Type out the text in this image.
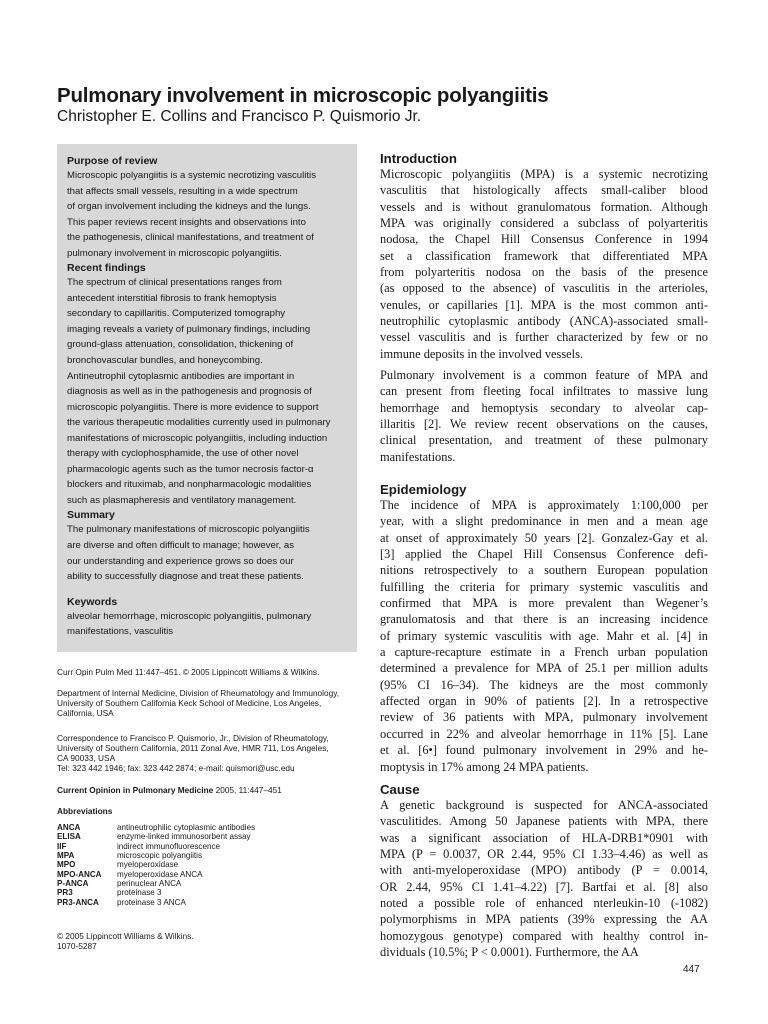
Pulmonary involvement in microscopic polyangiitis
Christopher E. Collins and Francisco P. Quismorio Jr.
Purpose of review
Microscopic polyangiitis is a systemic necrotizing vasculitis
that affects small vessels, resulting in a wide spectrum
of organ involvement including the kidneys and the lungs.
This paper reviews recent insights and observations into
the pathogenesis, clinical manifestations, and treatment of
pulmonary involvement in microscopic polyangiitis.
Recent findings
The spectrum of clinical presentations ranges from
antecedent interstitial fibrosis to frank hemoptysis
secondary to capillaritis. Computerized tomography
imaging reveals a variety of pulmonary findings, including
ground-glass attenuation, consolidation, thickening of
bronchovascular bundles, and honeycombing.
Antineutrophil cytoplasmic antibodies are important in
diagnosis as well as in the pathogenesis and prognosis of
microscopic polyangiitis. There is more evidence to support
the various therapeutic modalities currently used in pulmonary
manifestations of microscopic polyangiitis, including induction
therapy with cyclophosphamide, the use of other novel
pharmacologic agents such as the tumor necrosis factor-α
blockers and rituximab, and nonpharmacologic modalities
such as plasmapheresis and ventilatory management.
Summary
The pulmonary manifestations of microscopic polyangiitis
are diverse and often difficult to manage; however, as
our understanding and experience grows so does our
ability to successfully diagnose and treat these patients.
Keywords
alveolar hemorrhage, microscopic polyangiitis, pulmonary
manifestations, vasculitis
Curr Opin Pulm Med 11:447–451. © 2005 Lippincott Williams & Wilkins.
Department of Internal Medicine, Division of Rheumatology and Immunology,
University of Southern California Keck School of Medicine, Los Angeles,
California, USA
Correspondence to Francisco P. Quismorio, Jr., Division of Rheumatology,
University of Southern California, 2011 Zonal Ave, HMR 711, Los Angeles,
CA 90033, USA
Tel: 323 442 1946; fax: 323 442 2874; e-mail: quismori@usc.edu
Current Opinion in Pulmonary Medicine 2005, 11:447–451
Abbreviations
ANCA	antineutrophilic cytoplasmic antibodies
ELISA	enzyme-linked immunosorbent assay
IIF	indirect immunofluorescence
MPA	microscopic polyangiitis
MPO	myeloperoxidase
MPO-ANCA	myeloperoxidase ANCA
P-ANCA	perinuclear ANCA
PR3	proteinase 3
PR3-ANCA	proteinase 3 ANCA
© 2005 Lippincott Williams & Wilkins.
1070-5287
Introduction
Microscopic polyangiitis (MPA) is a systemic necrotizing
vasculitis that histologically affects small-caliber blood
vessels and is without granulomatous formation. Although
MPA was originally considered a subclass of polyarteritis
nodosa, the Chapel Hill Consensus Conference in 1994
set a classification framework that differentiated MPA
from polyarteritis nodosa on the basis of the presence
(as opposed to the absence) of vasculitis in the arterioles,
venules, or capillaries [1]. MPA is the most common anti-
neutrophilic cytoplasmic antibody (ANCA)-associated small-
vessel vasculitis and is further characterized by few or no
immune deposits in the involved vessels.
Pulmonary involvement is a common feature of MPA and
can present from fleeting focal infiltrates to massive lung
hemorrhage and hemoptysis secondary to alveolar cap-
illaritis [2]. We review recent observations on the causes,
clinical presentation, and treatment of these pulmonary
manifestations.
Epidemiology
The incidence of MPA is approximately 1:100,000 per
year, with a slight predominance in men and a mean age
at onset of approximately 50 years [2]. Gonzalez-Gay et al.
[3] applied the Chapel Hill Consensus Conference defi-
nitions retrospectively to a southern European population
fulfilling the criteria for primary systemic vasculitis and
confirmed that MPA is more prevalent than Wegener’s
granulomatosis and that there is an increasing incidence
of primary systemic vasculitis with age. Mahr et al. [4] in
a capture-recapture estimate in a French urban population
determined a prevalence for MPA of 25.1 per million adults
(95% CI 16–34). The kidneys are the most commonly
affected organ in 90% of patients [2]. In a retrospective
review of 36 patients with MPA, pulmonary involvement
occurred in 22% and alveolar hemorrhage in 11% [5]. Lane
et al. [6•] found pulmonary involvement in 29% and he-
moptysis in 17% among 24 MPA patients.
Cause
A genetic background is suspected for ANCA-associated
vasculitides. Among 50 Japanese patients with MPA, there
was a significant association of HLA-DRB1*0901 with
MPA (P = 0.0037, OR 2.44, 95% CI 1.33–4.46) as well as
with anti-myeloperoxidase (MPO) antibody (P = 0.0014,
OR 2.44, 95% CI 1.41–4.22) [7]. Bartfai et al. [8] also
noted a possible role of enhanced nterleukin-10 (-1082)
polymorphisms in MPA patients (39% expressing the AA
homozygous genotype) compared with healthy control in-
dividuals (10.5%; P < 0.0001). Furthermore, the AA
447
